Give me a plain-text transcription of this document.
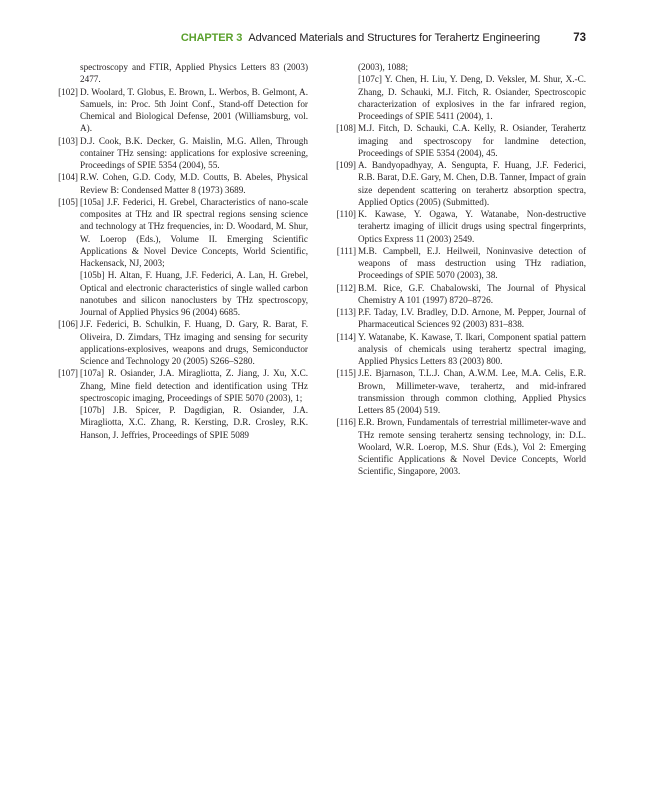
CHAPTER 3 Advanced Materials and Structures for Terahertz Engineering	73
spectroscopy and FTIR, Applied Physics Letters 83 (2003) 2477.
[102] D. Woolard, T. Globus, E. Brown, L. Werbos, B. Gelmont, A. Samuels, in: Proc. 5th Joint Conf., Stand-off Detection for Chemical and Biological Defense, 2001 (Williamsburg, vol. A).
[103] D.J. Cook, B.K. Decker, G. Maislin, M.G. Allen, Through container THz sensing: applications for explosive screening, Proceedings of SPIE 5354 (2004), 55.
[104] R.W. Cohen, G.D. Cody, M.D. Coutts, B. Abeles, Physical Review B: Condensed Matter 8 (1973) 3689.
[105] [105a] J.F. Federici, H. Grebel, Characteristics of nano-scale composites at THz and IR spectral regions sensing science and technology at THz frequencies, in: D. Woodard, M. Shur, W. Loerop (Eds.), Volume II. Emerging Scientific Applications & Novel Device Concepts, World Scientific, Hackensack, NJ, 2003;
[105b] H. Altan, F. Huang, J.F. Federici, A. Lan, H. Grebel, Optical and electronic characteristics of single walled carbon nanotubes and silicon nanoclusters by THz spectroscopy, Journal of Applied Physics 96 (2004) 6685.
[106] J.F. Federici, B. Schulkin, F. Huang, D. Gary, R. Barat, F. Oliveira, D. Zimdars, THz imaging and sensing for security applications-explosives, weapons and drugs, Semiconductor Science and Technology 20 (2005) S266–S280.
[107] [107a] R. Osiander, J.A. Miragliotta, Z. Jiang, J. Xu, X.C. Zhang, Mine field detection and identification using THz spectroscopic imaging, Proceedings of SPIE 5070 (2003), 1;
[107b] J.B. Spicer, P. Dagdigian, R. Osiander, J.A. Miragliotta, X.C. Zhang, R. Kersting, D.R. Crosley, R.K. Hanson, J. Jeffries, Proceedings of SPIE 5089
(2003), 1088;
[107c] Y. Chen, H. Liu, Y. Deng, D. Veksler, M. Shur, X.-C. Zhang, D. Schauki, M.J. Fitch, R. Osiander, Spectroscopic characterization of explosives in the far infrared region, Proceedings of SPIE 5411 (2004), 1.
[108] M.J. Fitch, D. Schauki, C.A. Kelly, R. Osiander, Terahertz imaging and spectroscopy for landmine detection, Proceedings of SPIE 5354 (2004), 45.
[109] A. Bandyopadhyay, A. Sengupta, F. Huang, J.F. Federici, R.B. Barat, D.E. Gary, M. Chen, D.B. Tanner, Impact of grain size dependent scattering on terahertz absorption spectra, Applied Optics (2005) (Submitted).
[110] K. Kawase, Y. Ogawa, Y. Watanabe, Non-destructive terahertz imaging of illicit drugs using spectral fingerprints, Optics Express 11 (2003) 2549.
[111] M.B. Campbell, E.J. Heilweil, Noninvasive detection of weapons of mass destruction using THz radiation, Proceedings of SPIE 5070 (2003), 38.
[112] B.M. Rice, G.F. Chabalowski, The Journal of Physical Chemistry A 101 (1997) 8720–8726.
[113] P.F. Taday, I.V. Bradley, D.D. Arnone, M. Pepper, Journal of Pharmaceutical Sciences 92 (2003) 831–838.
[114] Y. Watanabe, K. Kawase, T. Ikari, Component spatial pattern analysis of chemicals using terahertz spectral imaging, Applied Physics Letters 83 (2003) 800.
[115] J.E. Bjarnason, T.L.J. Chan, A.W.M. Lee, M.A. Celis, E.R. Brown, Millimeter-wave, terahertz, and mid-infrared transmission through common clothing, Applied Physics Letters 85 (2004) 519.
[116] E.R. Brown, Fundamentals of terrestrial millimeter-wave and THz remote sensing terahertz sensing technology, in: D.L. Woolard, W.R. Loerop, M.S. Shur (Eds.), Vol 2: Emerging Scientific Applications & Novel Device Concepts, World Scientific, Singapore, 2003.
